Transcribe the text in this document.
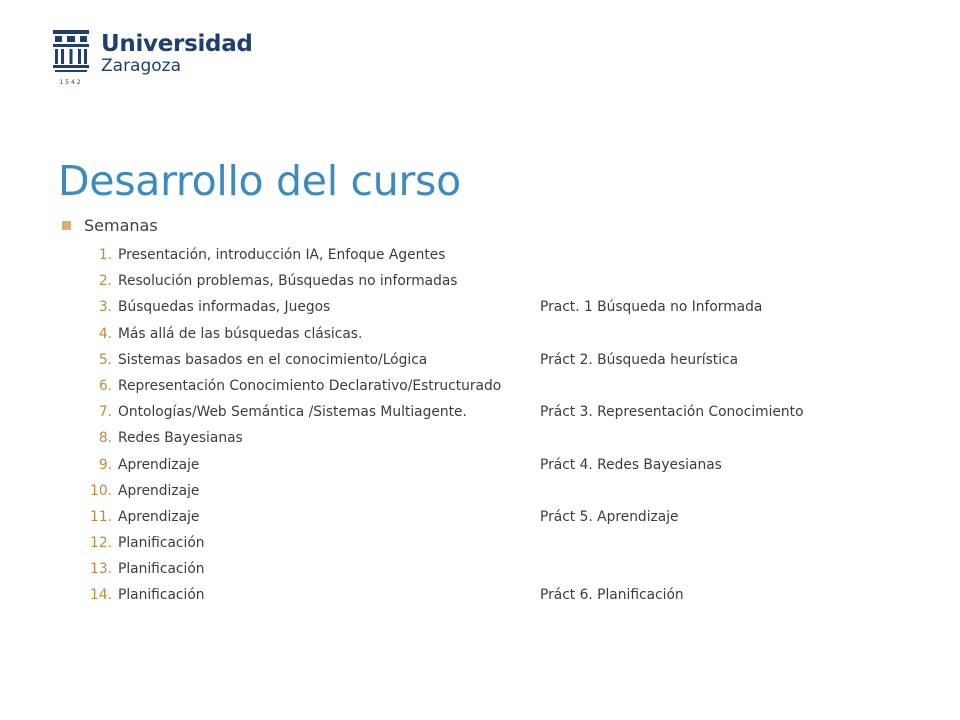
1542
Universidad
Zaragoza
Desarrollo del curso
Semanas
1. Presentación, introducción IA, Enfoque Agentes
2. Resolución problemas, Búsquedas no informadas
3. Búsquedas informadas, Juegos	Pract. 1 Búsqueda no Informada
4. Más allá de las búsquedas clásicas.
5. Sistemas basados en el conocimiento/Lógica	Práct 2. Búsqueda heurística
6. Representación Conocimiento Declarativo/Estructurado
7. Ontologías/Web Semántica /Sistemas Multiagente.	Práct 3. Representación Conocimiento
8. Redes Bayesianas
9. Aprendizaje	Práct 4. Redes Bayesianas
10. Aprendizaje
11. Aprendizaje	Práct 5. Aprendizaje
12. Planificación
13. Planificación
14. Planificación	Práct 6. Planificación
